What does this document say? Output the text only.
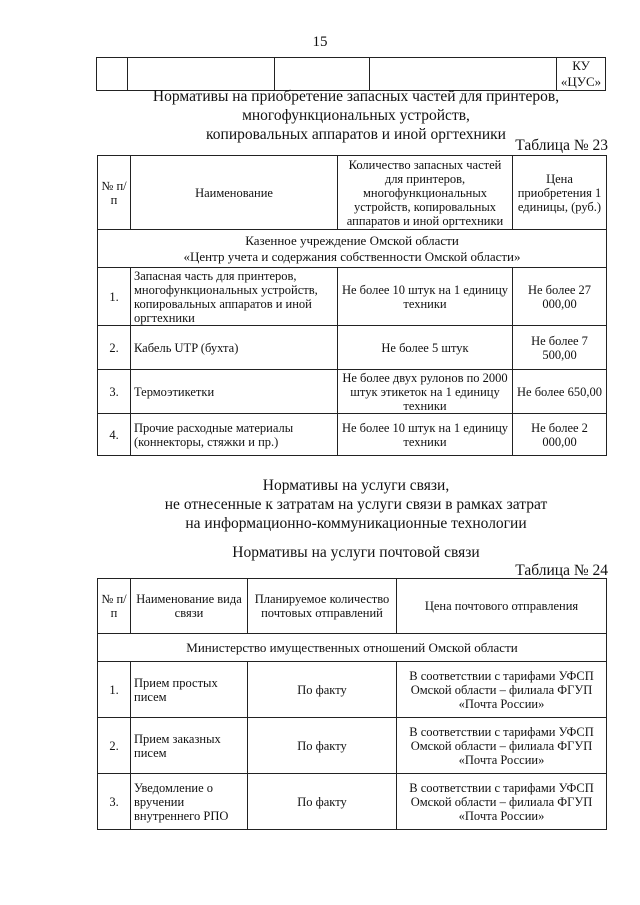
15
				КУ «ЦУС»
Нормативы на приобретение запасных частей для принтеров,
многофункциональных устройств,
копировальных аппаратов и иной оргтехники
Таблица № 23
№ п/п	Наименование	Количество запасных частей для принтеров, многофункциональных устройств, копировальных аппаратов и иной оргтехники	Цена приобретения 1 единицы, (руб.)

Казенное учреждение Омской области
«Центр учета и содержания собственности Омской области»			

1.	Запасная часть для принтеров, многофункциональных устройств, копировальных аппаратов и иной оргтехники	Не более 10 штук на 1 единицу техники	Не более 27 000,00
2.	Кабель UTP (бухта)	Не более 5 штук	Не более 7 500,00
3.	Термоэтикетки	Не более двух рулонов по 2000 штук этикеток на 1 единицу техники	Не более 650,00
4.	Прочие расходные материалы (коннекторы, стяжки и пр.)	Не более 10 штук на 1 единицу техники	Не более 2 000,00
Нормативы на услуги связи,
не отнесенные к затратам на услуги связи в рамках затрат
на информационно-коммуникационные технологии
Нормативы на услуги почтовой связи
Таблица № 24
№ п/п	Наименование вида связи	Планируемое количество почтовых отправлений	Цена почтового отправления
Министерство имущественных отношений Омской области			
1.	Прием простых писем	По факту	В соответствии с тарифами УФСП Омской области – филиала ФГУП «Почта России»
2.	Прием заказных писем	По факту	В соответствии с тарифами УФСП Омской области – филиала ФГУП «Почта России»
3.	Уведомление о вручении внутреннего РПО	По факту	В соответствии с тарифами УФСП Омской области – филиала ФГУП «Почта России»
